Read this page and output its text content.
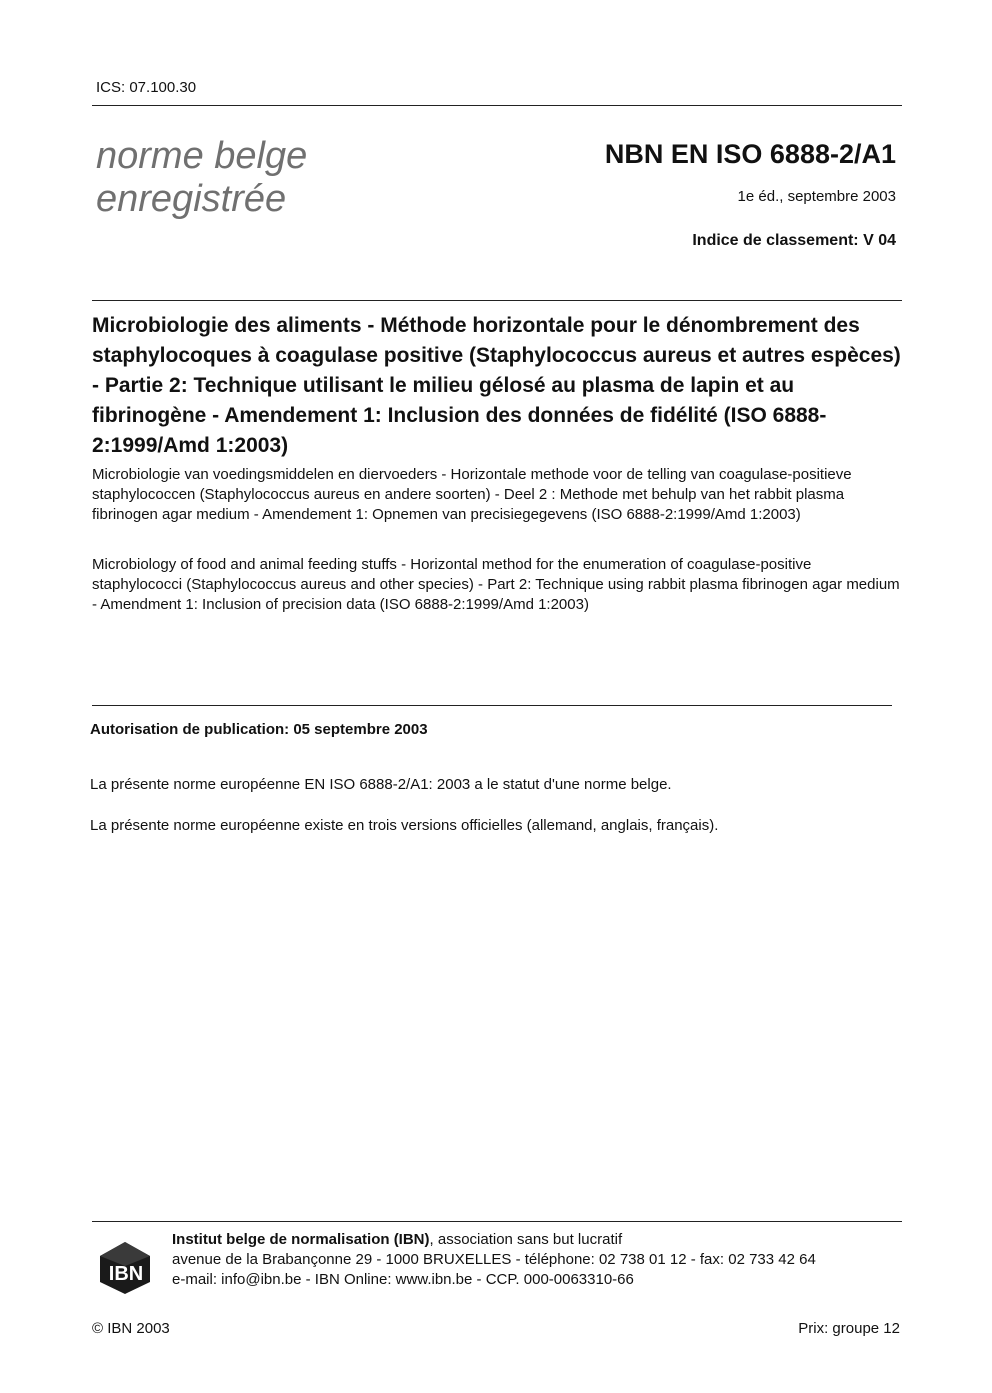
ICS: 07.100.30
norme belge
enregistrée
NBN EN ISO 6888-2/A1
1e éd., septembre 2003
Indice de classement: V 04
Microbiologie des aliments - Méthode horizontale pour le dénombrement des staphylocoques à coagulase positive (Staphylococcus aureus et autres espèces) - Partie 2: Technique utilisant le milieu gélosé au plasma de lapin et au fibrinogène - Amendement 1: Inclusion des données de fidélité (ISO 6888-2:1999/Amd 1:2003)
Microbiologie van voedingsmiddelen en diervoeders - Horizontale methode voor de telling van coagulase-positieve staphylococcen (Staphylococcus aureus en andere soorten) - Deel 2 : Methode met behulp van het rabbit plasma fibrinogen agar medium - Amendement 1: Opnemen van precisiegegevens (ISO 6888-2:1999/Amd 1:2003)
Microbiology of food and animal feeding stuffs - Horizontal method for the enumeration of coagulase-positive staphylococci (Staphylococcus aureus and other species) - Part 2: Technique using rabbit plasma fibrinogen agar medium - Amendment 1: Inclusion of precision data (ISO 6888-2:1999/Amd 1:2003)
Autorisation de publication: 05 septembre 2003
La présente norme européenne EN ISO 6888-2/A1: 2003 a le statut d'une norme belge.
La présente norme européenne existe en trois versions officielles (allemand, anglais, français).
IBN
Institut belge de normalisation (IBN), association sans but lucratif
avenue de la Brabançonne 29 - 1000 BRUXELLES - téléphone: 02 738 01 12 - fax: 02 733 42 64
e-mail: info@ibn.be - IBN Online: www.ibn.be - CCP. 000-0063310-66
© IBN 2003	Prix: groupe 12
